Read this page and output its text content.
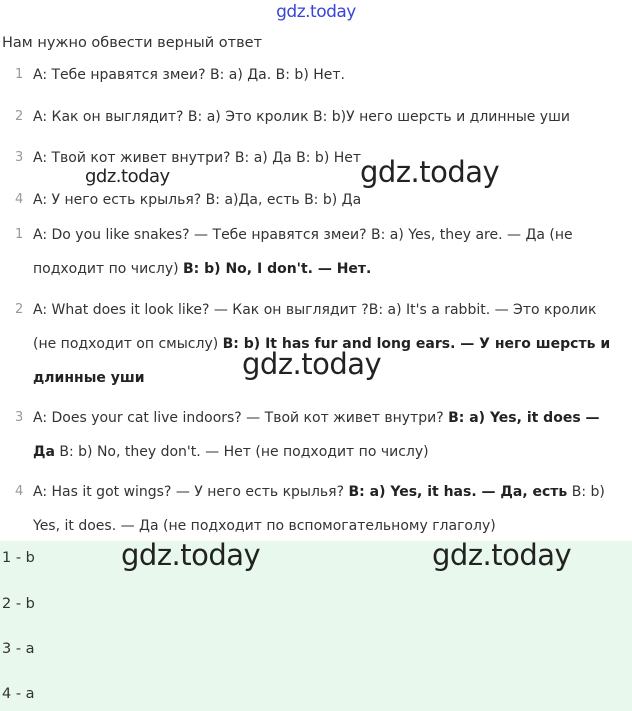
gdz.today
Нам нужно обвести верный ответ
1 A: Тебе нравятся змеи? B: a) Да. B: b) Нет.
2 A: Как он выглядит? B: a) Это кролик B: b)У него шерсть и длинные уши
3 A: Твой кот живет внутри? B: a) Да B: b) Нет
4 A: У него есть крылья? B: a)Да, есть B: b) Да
1 A: Do you like snakes? — Тебе нравятся змеи? B: a) Yes, they are. — Да (не подходит по числу) B: b) No, I don't. — Нет.
2 A: What does it look like? — Как он выглядит ?B: a) It's a rabbit. — Это кролик (не подходит оп смыслу) B: b) It has fur and long ears. — У него шерсть и длинные уши
3 A: Does your cat live indoors? — Твой кот живет внутри? B: a) Yes, it does — Да B: b) No, they don't. — Нет (не подходит по числу)
4 A: Has it got wings? — У него есть крылья? B: a) Yes, it has. — Да, есть B: b) Yes, it does. — Да (не подходит по вспомогательному глаголу)
1 - b
2 - b
3 - a
4 - a
gdz.today	gdz.today
gdz.today
gdz.today	gdz.today
